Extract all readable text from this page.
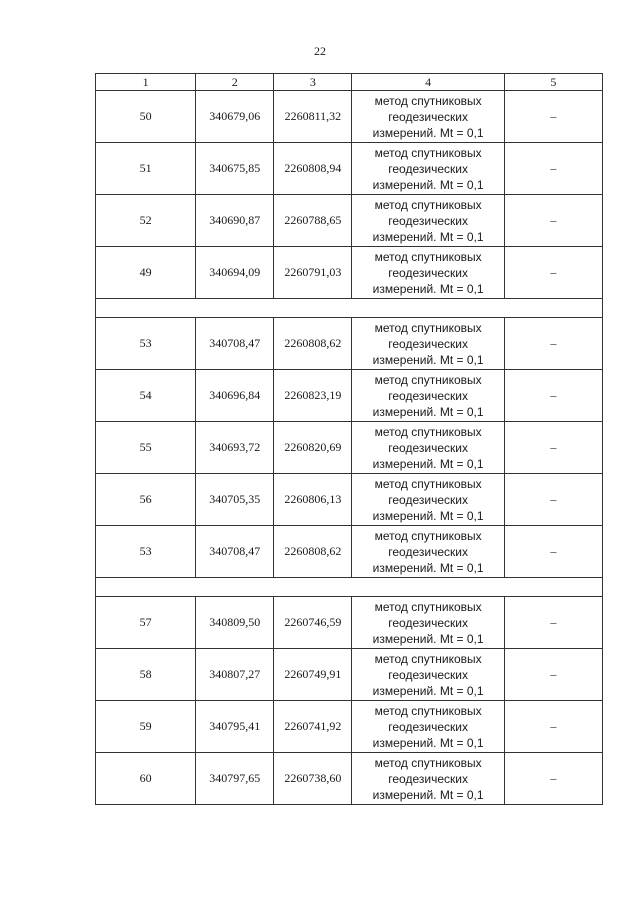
22
1	2	3	4	5
50	340679,06	2260811,32	метод спутниковых
геодезических
измерений. Mt = 0,1	–
51	340675,85	2260808,94	метод спутниковых
геодезических
измерений. Mt = 0,1	–
52	340690,87	2260788,65	метод спутниковых
геодезических
измерений. Mt = 0,1	–
49	340694,09	2260791,03	метод спутниковых
геодезических
измерений. Mt = 0,1	–

53	340708,47	2260808,62	метод спутниковых
геодезических
измерений. Mt = 0,1	–
54	340696,84	2260823,19	метод спутниковых
геодезических
измерений. Mt = 0,1	–
55	340693,72	2260820,69	метод спутниковых
геодезических
измерений. Mt = 0,1	–
56	340705,35	2260806,13	метод спутниковых
геодезических
измерений. Mt = 0,1	–
53	340708,47	2260808,62	метод спутниковых
геодезических
измерений. Mt = 0,1	–

57	340809,50	2260746,59	метод спутниковых
геодезических
измерений. Mt = 0,1	–
58	340807,27	2260749,91	метод спутниковых
геодезических
измерений. Mt = 0,1	–
59	340795,41	2260741,92	метод спутниковых
геодезических
измерений. Mt = 0,1	–
60	340797,65	2260738,60	метод спутниковых
геодезических
измерений. Mt = 0,1	–
